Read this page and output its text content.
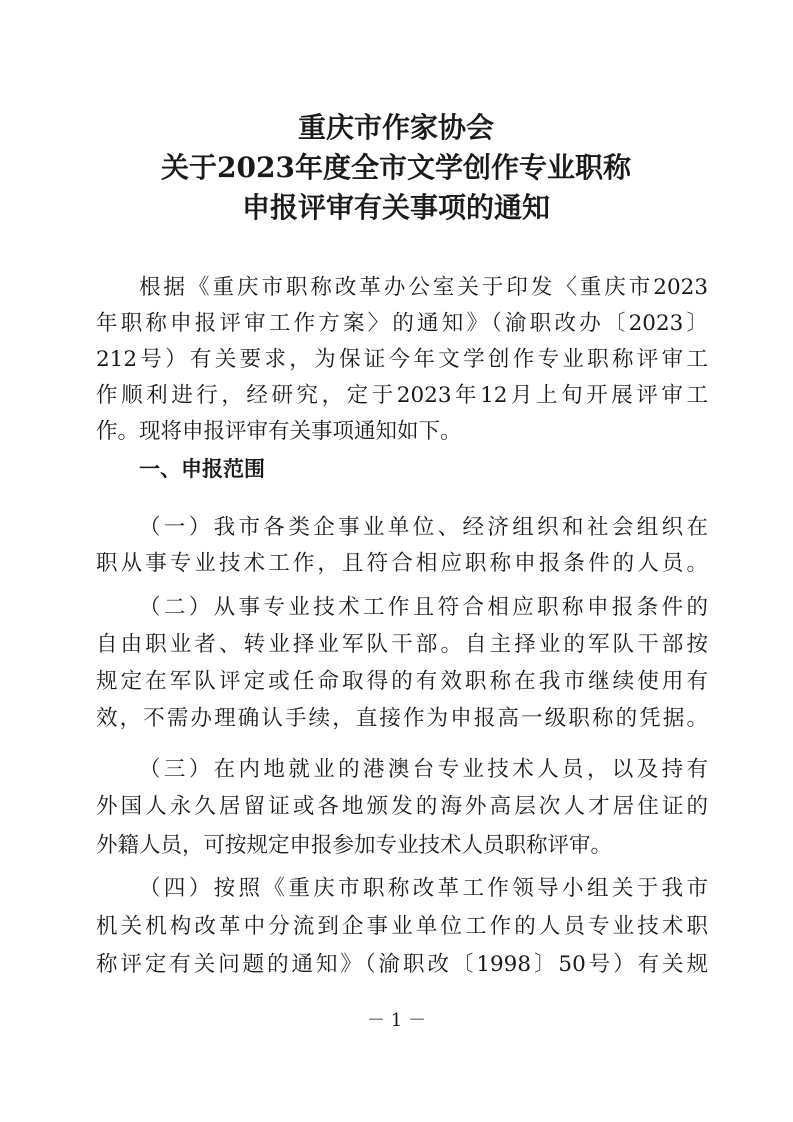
重庆市作家协会
关于2023年度全市文学创作专业职称
申报评审有关事项的通知
根据《重庆市职称改革办公室关于印发〈重庆市2023
年职称申报评审工作方案〉的通知》（渝职改办〔2023〕
212号）有关要求，为保证今年文学创作专业职称评审工
作顺利进行，经研究，定于2023年12月上旬开展评审工
作。现将申报评审有关事项通知如下。
一、申报范围
（一）我市各类企事业单位、经济组织和社会组织在
职从事专业技术工作，且符合相应职称申报条件的人员。
（二）从事专业技术工作且符合相应职称申报条件的
自由职业者、转业择业军队干部。自主择业的军队干部按
规定在军队评定或任命取得的有效职称在我市继续使用有
效，不需办理确认手续，直接作为申报高一级职称的凭据。
（三）在内地就业的港澳台专业技术人员，以及持有
外国人永久居留证或各地颁发的海外高层次人才居住证的
外籍人员，可按规定申报参加专业技术人员职称评审。
（四）按照《重庆市职称改革工作领导小组关于我市
机关机构改革中分流到企事业单位工作的人员专业技术职
称评定有关问题的通知》（渝职改〔1998〕50号）有关规
－ 1 －
